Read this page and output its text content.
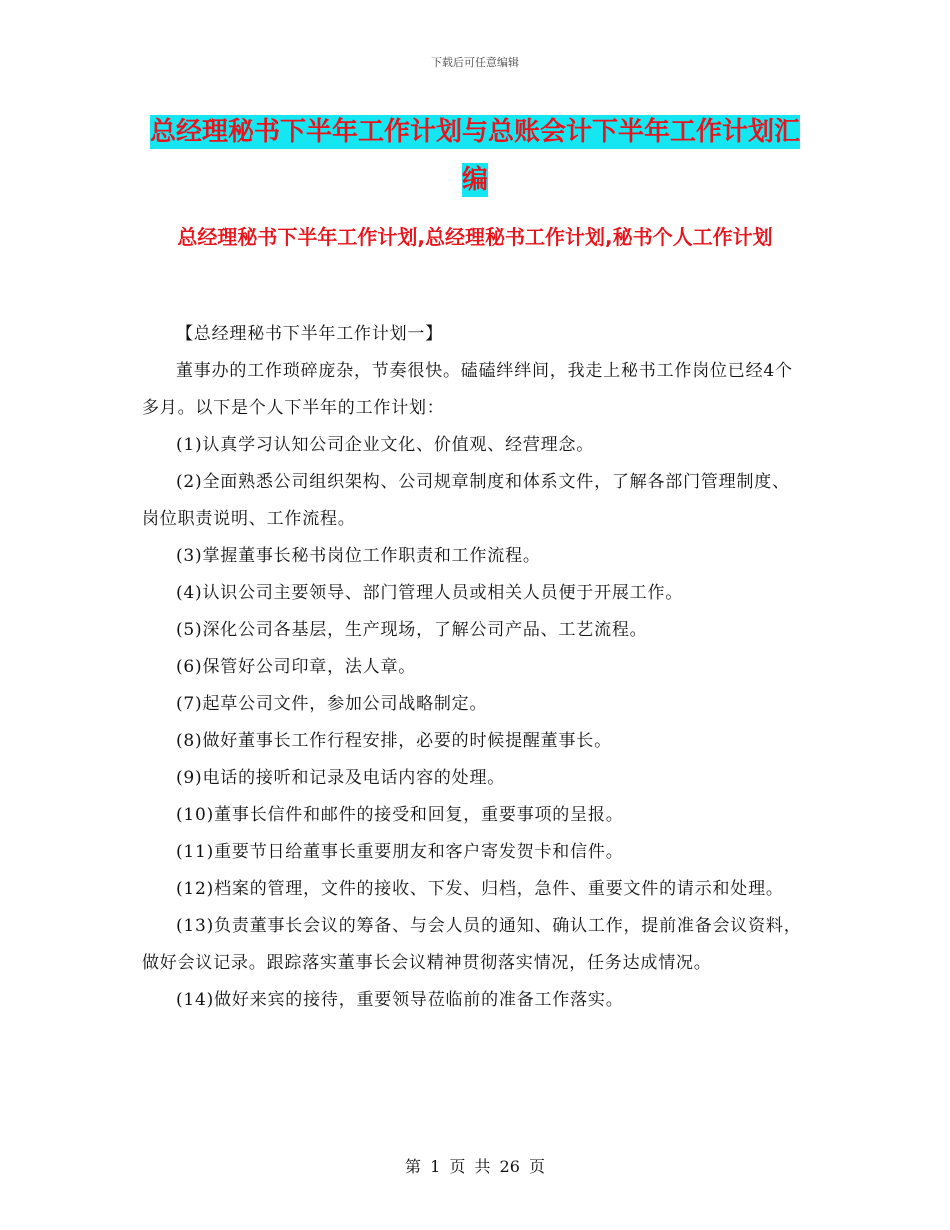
下载后可任意编辑
总经理秘书下半年工作计划与总账会计下半年工作计划汇编
总经理秘书下半年工作计划,总经理秘书工作计划,秘书个人工作计划

【总经理秘书下半年工作计划一】

董事办的工作琐碎庞杂，节奏很快。磕磕绊绊间，我走上秘书工作岗位已经4个多月。以下是个人下半年的工作计划：

(1)认真学习认知公司企业文化、价值观、经营理念。

(2)全面熟悉公司组织架构、公司规章制度和体系文件，了解各部门管理制度、岗位职责说明、工作流程。

(3)掌握董事长秘书岗位工作职责和工作流程。

(4)认识公司主要领导、部门管理人员或相关人员便于开展工作。

(5)深化公司各基层，生产现场，了解公司产品、工艺流程。

(6)保管好公司印章，法人章。

(7)起草公司文件，参加公司战略制定。

(8)做好董事长工作行程安排，必要的时候提醒董事长。

(9)电话的接听和记录及电话内容的处理。

(10)董事长信件和邮件的接受和回复，重要事项的呈报。

(11)重要节日给董事长重要朋友和客户寄发贺卡和信件。

(12)档案的管理，文件的接收、下发、归档，急件、重要文件的请示和处理。

(13)负责董事长会议的筹备、与会人员的通知、确认工作，提前准备会议资料，做好会议记录。跟踪落实董事长会议精神贯彻落实情况，任务达成情况。

(14)做好来宾的接待，重要领导莅临前的准备工作落实。

第 1 页 共 26 页
